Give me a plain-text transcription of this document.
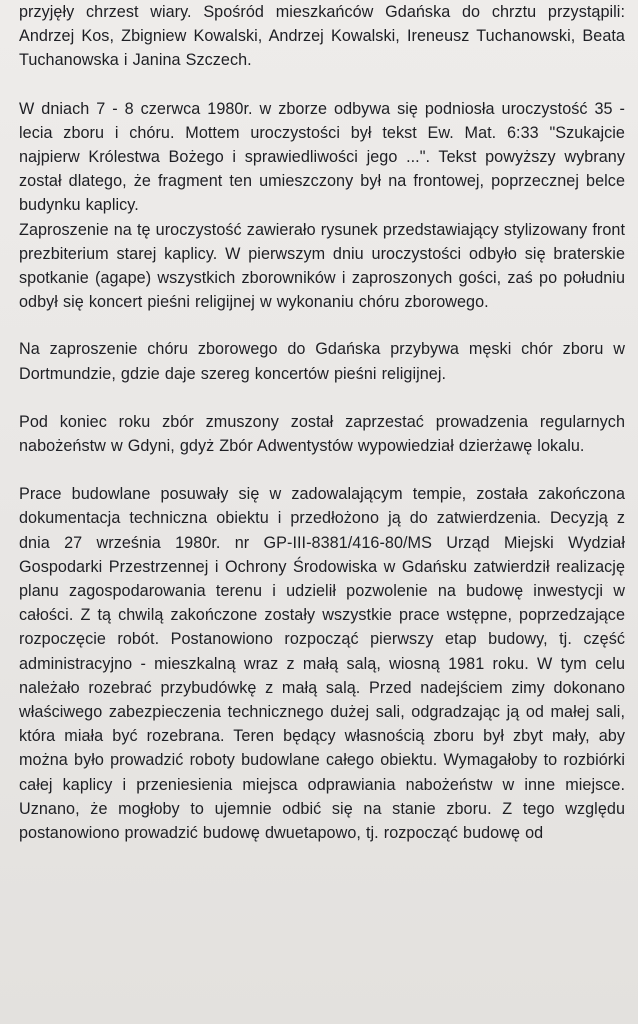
przyjęły chrzest wiary. Spośród mieszkańców Gdańska do chrztu przystąpili: Andrzej Kos, Zbigniew Kowalski, Andrzej Kowalski, Ireneusz Tuchanowski, Beata Tuchanowska i Janina Szczech.

W dniach 7 - 8 czerwca 1980r. w zborze odbywa się podniosła uroczystość 35 - lecia zboru i chóru. Mottem uroczystości był tekst Ew. Mat. 6:33 "Szukajcie najpierw Królestwa Bożego i sprawiedliwości jego ...". Tekst powyższy wybrany został dlatego, że fragment ten umieszczony był na frontowej, poprzecznej belce budynku kaplicy.

Zaproszenie na tę uroczystość zawierało rysunek przedstawiający stylizowany front prezbiterium starej kaplicy. W pierwszym dniu uroczystości odbyło się braterskie spotkanie (agape) wszystkich zborowników i zaproszonych gości, zaś po południu odbył się koncert pieśni religijnej w wykonaniu chóru zborowego.

Na zaproszenie chóru zborowego do Gdańska przybywa męski chór zboru w Dortmundzie, gdzie daje szereg koncertów pieśni religijnej.

Pod koniec roku zbór zmuszony został zaprzestać prowadzenia regularnych nabożeństw w Gdyni, gdyż Zbór Adwentystów wypowiedział dzierżawę lokalu.

Prace budowlane posuwały się w zadowalającym tempie, została zakończona dokumentacja techniczna obiektu i przedłożono ją do zatwierdzenia. Decyzją z dnia 27 września 1980r. nr GP-III-8381/416-80/MS Urząd Miejski Wydział Gospodarki Przestrzennej i Ochrony Środowiska w Gdańsku zatwierdził realizację planu zagospodarowania terenu i udzielił pozwolenie na budowę inwestycji w całości. Z tą chwilą zakończone zostały wszystkie prace wstępne, poprzedzające rozpoczęcie robót. Postanowiono rozpocząć pierwszy etap budowy, tj. część administracyjno - mieszkalną wraz z małą salą, wiosną 1981 roku. W tym celu należało rozebrać przybudówkę z małą salą. Przed nadejściem zimy dokonano właściwego zabezpieczenia technicznego dużej sali, odgradzając ją od małej sali, która miała być rozebrana. Teren będący własnością zboru był zbyt mały, aby można było prowadzić roboty budowlane całego obiektu. Wymagałoby to rozbiórki całej kaplicy i przeniesienia miejsca odprawiania nabożeństw w inne miejsce. Uznano, że mogłoby to ujemnie odbić się na stanie zboru. Z tego względu postanowiono prowadzić budowę dwuetapowo, tj. rozpocząć budowę od
